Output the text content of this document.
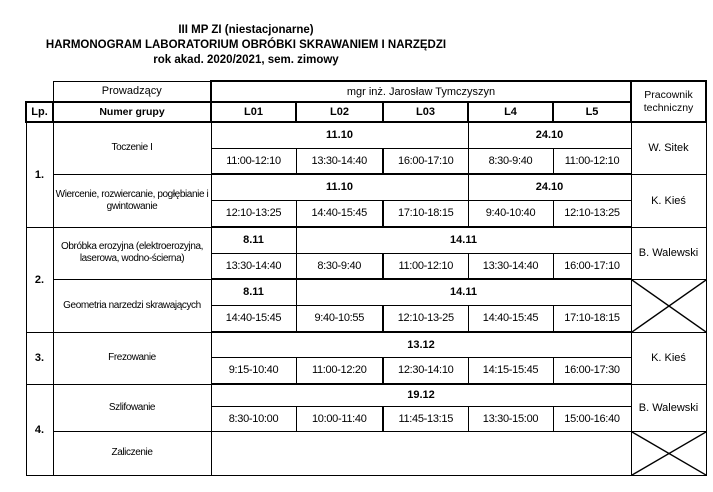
III MP ZI (niestacjonarne)
HARMONOGRAM LABORATORIUM OBRÓBKI SKRAWANIEM I NARZĘDZI
rok akad. 2020/2021, sem. zimowy
	Prowadzący	mgr inż. Jarosław Tymczyszyn					Pracownik techniczny
Lp.	Numer grupy	L01	L02	L03	L4	L5	
1.	Toczenie I	11.10			24.10		W. Sitek
		11:00-12:10	13:30-14:40	16:00-17:10	8:30-9:40	11:00-12:10	
	Wiercenie, rozwiercanie, pogłębianie i gwintowanie	11.10			24.10		K. Kieś
		12:10-13:25	14:40-15:45	17:10-18:15	9:40-10:40	12:10-13:25	
2.	Obróbka erozyjna (elektroerozyjna, laserowa, wodno-ścierna)	8.11	14.11				B. Walewski
		13:30-14:40	8:30-9:40	11:00-12:10	13:30-14:40	16:00-17:10	
	Geometria narzedzi skrawających	8.11	14.11	

		14:40-15:45	9:40-10:55	12:10-13-25	14:40-15:45	17:10-18:15	
3.	Frezowanie	13.12					K. Kieś
		9:15-10:40	11:00-12:20	12:30-14:10	14:15-15:45	16:00-17:30	
4.	Szlifowanie	19.12					B. Walewski
		8:30-10:00	10:00-11:40	11:45-13:15	13:30-15:00	15:00-16:40	
	Zaliczenie		
